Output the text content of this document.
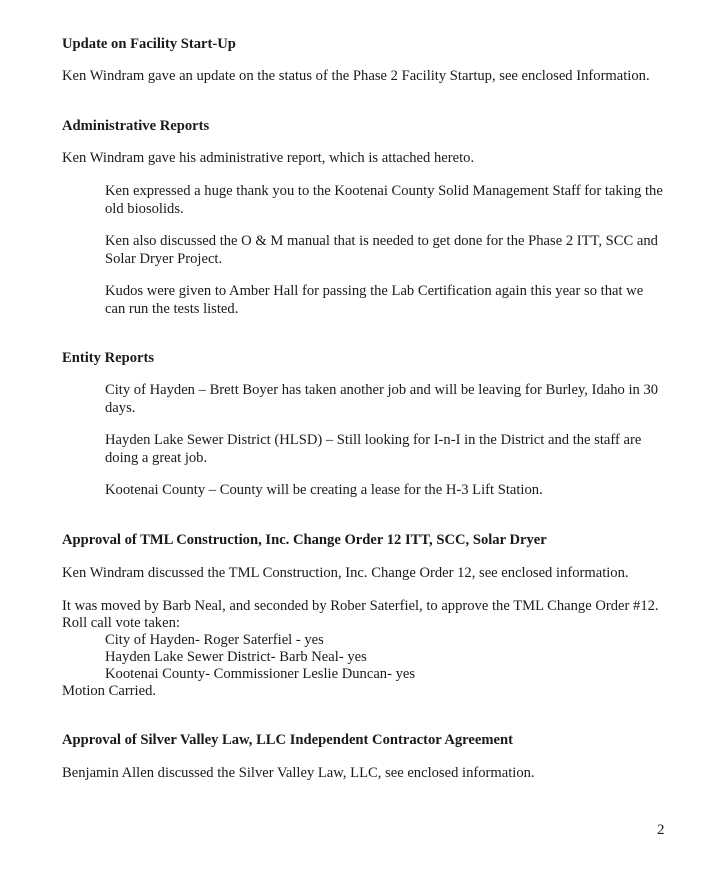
Update on Facility Start-Up
Ken Windram gave an update on the status of the Phase 2 Facility Startup, see enclosed Information.
Administrative Reports
Ken Windram gave his administrative report, which is attached hereto.
Ken expressed a huge thank you to the Kootenai County Solid Management Staff for taking the old biosolids.
Ken also discussed the O & M manual that is needed to get done for the Phase 2 ITT, SCC and Solar Dryer Project.
Kudos were given to Amber Hall for passing the Lab Certification again this year so that we can run the tests listed.
Entity Reports
City of Hayden – Brett Boyer has taken another job and will be leaving for Burley, Idaho in 30 days.
Hayden Lake Sewer District (HLSD) – Still looking for I-n-I in the District and the staff are doing a great job.
Kootenai County – County will be creating a lease for the H-3 Lift Station.
Approval of TML Construction, Inc. Change Order 12 ITT, SCC, Solar Dryer
Ken Windram discussed the TML Construction, Inc. Change Order 12, see enclosed information.
It was moved by Barb Neal, and seconded by Rober Saterfiel, to approve the TML Change Order #12.
Roll call vote taken:
City of Hayden- Roger Saterfiel - yes
Hayden Lake Sewer District- Barb Neal- yes
Kootenai County- Commissioner Leslie Duncan- yes
Motion Carried.
Approval of Silver Valley Law, LLC Independent Contractor Agreement
Benjamin Allen discussed the Silver Valley Law, LLC, see enclosed information.
2
